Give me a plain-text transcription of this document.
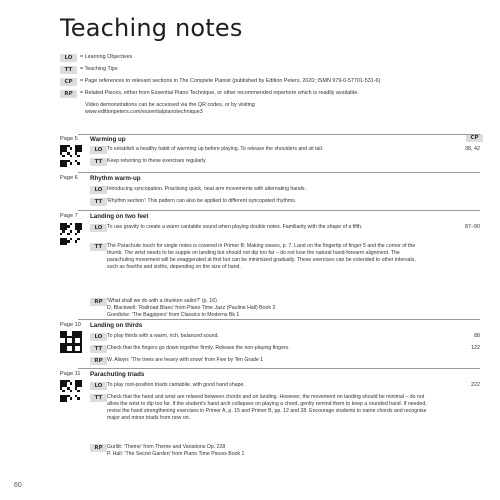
Teaching notes
LO	= Learning Objectives
TT	= Teaching Tips
CP	= Page references to relevant sections in The Complete Pianist (published by Edition Peters, 2020; ISMN 979-0-57701-531-6)
RP	= Related Pieces, either from Essential Piano Technique, or other recommended repertoire which is readily available.
Video demonstrations can be accessed via the QR codes, or by visiting www.editionpeters.com/essentialpianotechnique3
CP
Page 5 Warming up
LO To establish a healthy habit of warming up before playing. To release the shoulders and sit tall.	38, 42
TT Keep returning to these exercises regularly.
Page 6 Rhythm warm-up
LO Introducing syncopation. Practising quick, neat arm movements with alternating hands.
TT 'Rhythm section': This pattern can also be applied to different syncopated rhythms.
Page 7 Landing on two feet
LO To use gravity to create a warm cantabile sound when playing double notes. Familiarity with the shape of a fifth.	87–90
TT The Parachute touch for single notes is covered in Primer B: Making waves, p. 7. Land on the fingertip of finger 5 and the corner of the thumb. The wrist needs to be supple on landing but should not dip too far – do not lose the natural hand-forearm alignment. The parachuting movement will be exaggerated at first but can be minimized gradually. These exercises can be extended to other intervals, such as fourths and sixths, depending on the size of hand.
RP 'What shall we do with a drunken sailor?' (p. 16)
D. Blackwell: 'Railroad Blues' from Piano Time Jazz (Pauline Hall) Book 2
Goedicke: 'The Bagpipers' from Classics to Moderns Bk 1
Page 10 Landing on thirds
LO To play thirds with a warm, rich, balanced sound.	88
TT Check that the fingers go down together firmly. Release the non-playing fingers.	122
RP W. Alwyn: 'The trees are heavy with snow' from Five by Ten Grade 1
Page 11 Parachuting triads
LO To play root-position triads cantabile, with good hand shape.	222
TT Check that the hand and wrist are relaxed between chords and on landing. However, the movement on landing should be minimal – do not allow the wrist to dip too far. If the student's hand arch collapses on playing a chord, gently remind them to keep a rounded hand. If needed, revise the hand strengthening exercises in Primer A, p. 15 and Primer B, pp. 12 and 28. Encourage students to name chords and recognise major and minor triads from now on.
RP Gurlitt: 'Theme' from Theme and Variations Op. 228
P. Hall: 'The Secret Garden' from Piano Time Pieces Book 1
60
